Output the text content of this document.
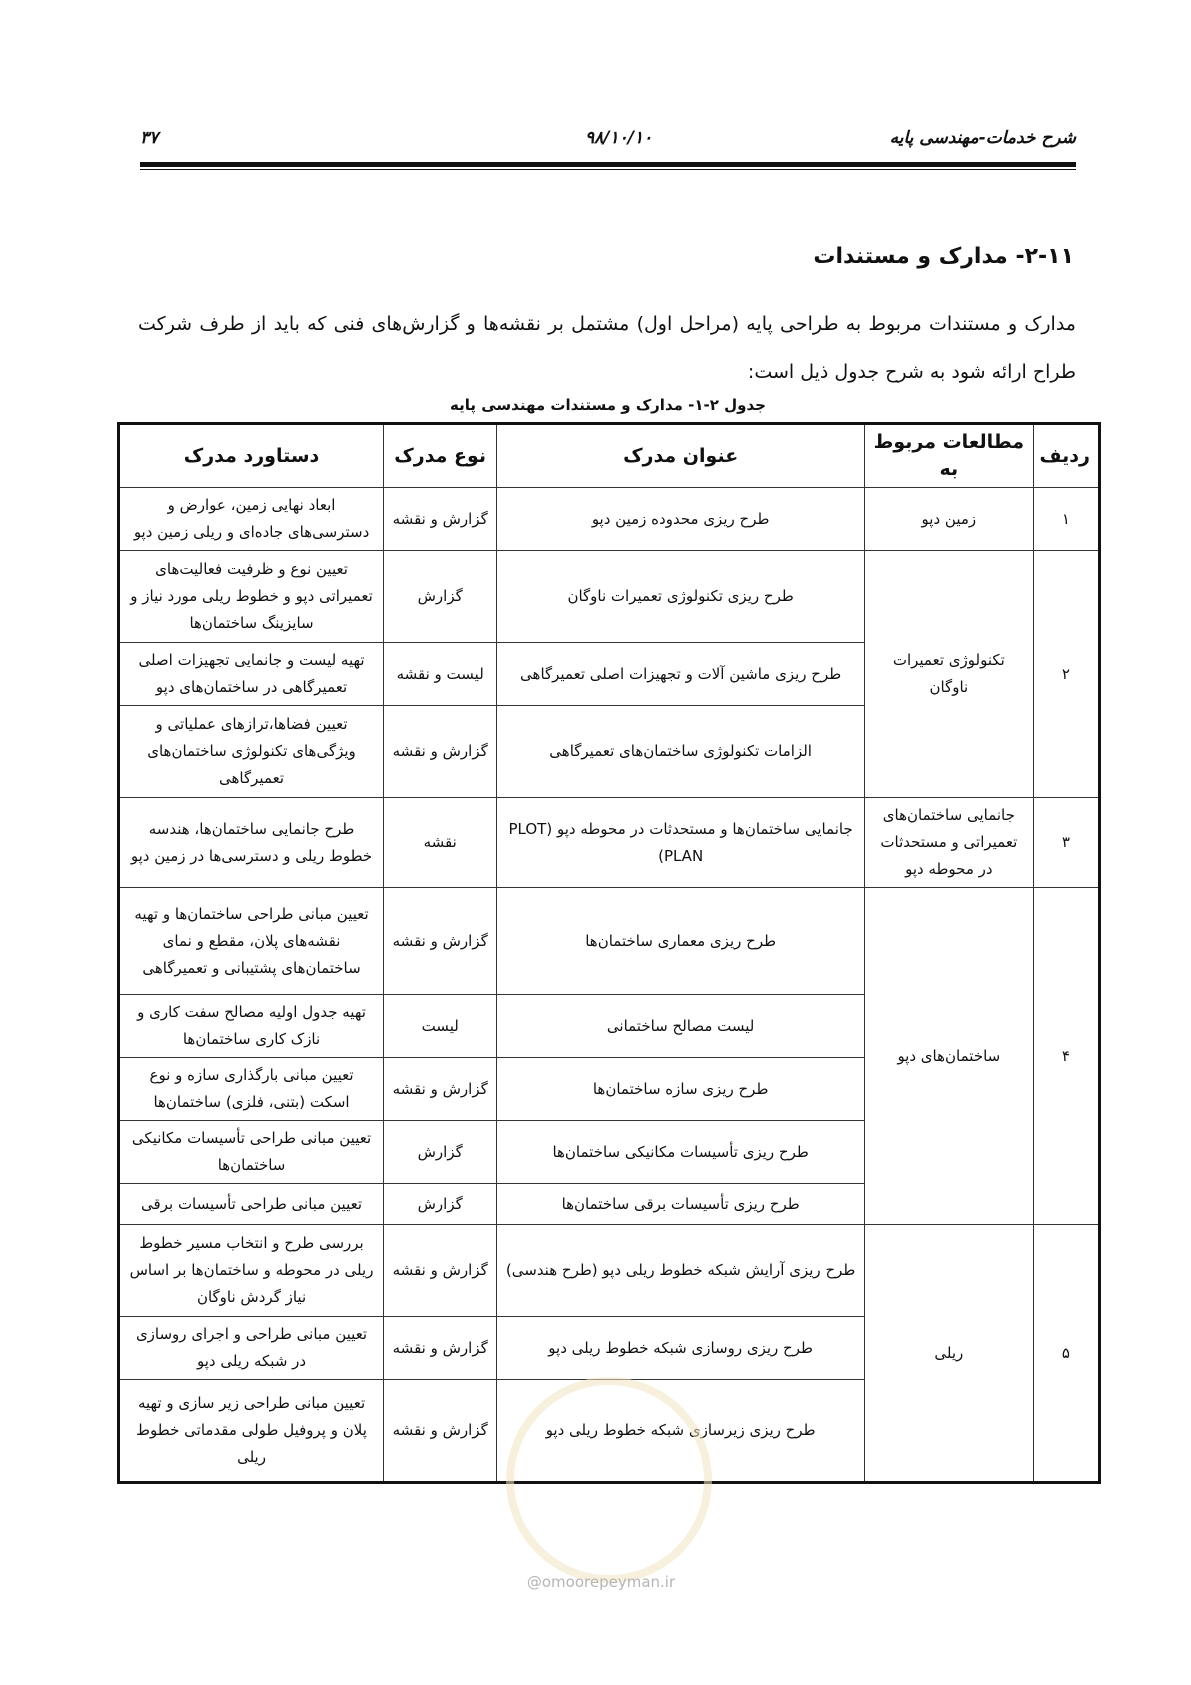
شرح خدمات-مهندسی پایه
۹۸/۱۰/۱۰
۳۷
۲-۱۱- مدارک و مستندات
مدارک و مستندات مربوط به طراحی پایه (مراحل اول) مشتمل بر نقشه‌ها و گزارش‌های فنی که باید از طرف شرکت طراح ارائه شود به شرح جدول ذیل است:
جدول ۲-۱- مدارک و مستندات مهندسی پایه
ردیف	مطالعات مربوط به	عنوان مدرک	نوع مدرک	دستاورد مدرک
۱	زمین دپو	طرح ریزی محدوده زمین دپو	گزارش و نقشه	ابعاد نهایی زمین، عوارض و دسترسی‌های جاده‌ای و ریلی زمین دپو
۲	تکنولوژی تعمیرات ناوگان	طرح ریزی تکنولوژی تعمیرات ناوگان	گزارش	تعیین نوع و ظرفیت فعالیت‌های تعمیراتی دپو و خطوط ریلی مورد نیاز و سایزینگ ساختمان‌ها
		طرح ریزی ماشین آلات و تجهیزات اصلی تعمیرگاهی	لیست و نقشه	تهیه لیست و جانمایی تجهیزات اصلی تعمیرگاهی در ساختمان‌های دپو
		الزامات تکنولوژی ساختمان‌های تعمیرگاهی	گزارش و نقشه	تعیین فضاها،ترازهای عملیاتی و ویژگی‌های تکنولوژی ساختمان‌های تعمیرگاهی
۳	جانمایی ساختمان‌های تعمیراتی و مستحدثات در محوطه دپو	جانمایی ساختمان‌ها و مستحدثات در محوطه دپو (PLOT PLAN)	نقشه	طرح جانمایی ساختمان‌ها، هندسه خطوط ریلی و دسترسی‌ها در زمین دپو
۴	ساختمان‌های دپو	طرح ریزی معماری ساختمان‌ها	گزارش و نقشه	تعیین مبانی طراحی ساختمان‌ها و تهیه نقشه‌های پلان، مقطع و نمای ساختمان‌های پشتیبانی و تعمیرگاهی
		لیست مصالح ساختمانی	لیست	تهیه جدول اولیه مصالح سفت کاری و نازک کاری ساختمان‌ها
		طرح ریزی سازه ساختمان‌ها	گزارش و نقشه	تعیین مبانی بارگذاری سازه و نوع اسکت (بتنی، فلزی) ساختمان‌ها
		طرح ریزی تأسیسات مکانیکی ساختمان‌ها	گزارش	تعیین مبانی طراحی تأسیسات مکانیکی ساختمان‌ها
		طرح ریزی تأسیسات برقی ساختمان‌ها	گزارش	تعیین مبانی طراحی تأسیسات برقی
۵	ریلی	طرح ریزی آرایش شبکه خطوط ریلی دپو (طرح هندسی)	گزارش و نقشه	بررسی طرح و انتخاب مسیر خطوط ریلی در محوطه و ساختمان‌ها بر اساس نیاز گردش ناوگان
		طرح ریزی روسازی شبکه خطوط ریلی دپو	گزارش و نقشه	تعیین مبانی طراحی و اجرای روسازی در شبکه ریلی دپو
		طرح ریزی زیرسازی شبکه خطوط ریلی دپو	گزارش و نقشه	تعیین مبانی طراحی زیر سازی و تهیه پلان و پروفیل طولی مقدماتی خطوط ریلی
@omoorepeyman.ir
